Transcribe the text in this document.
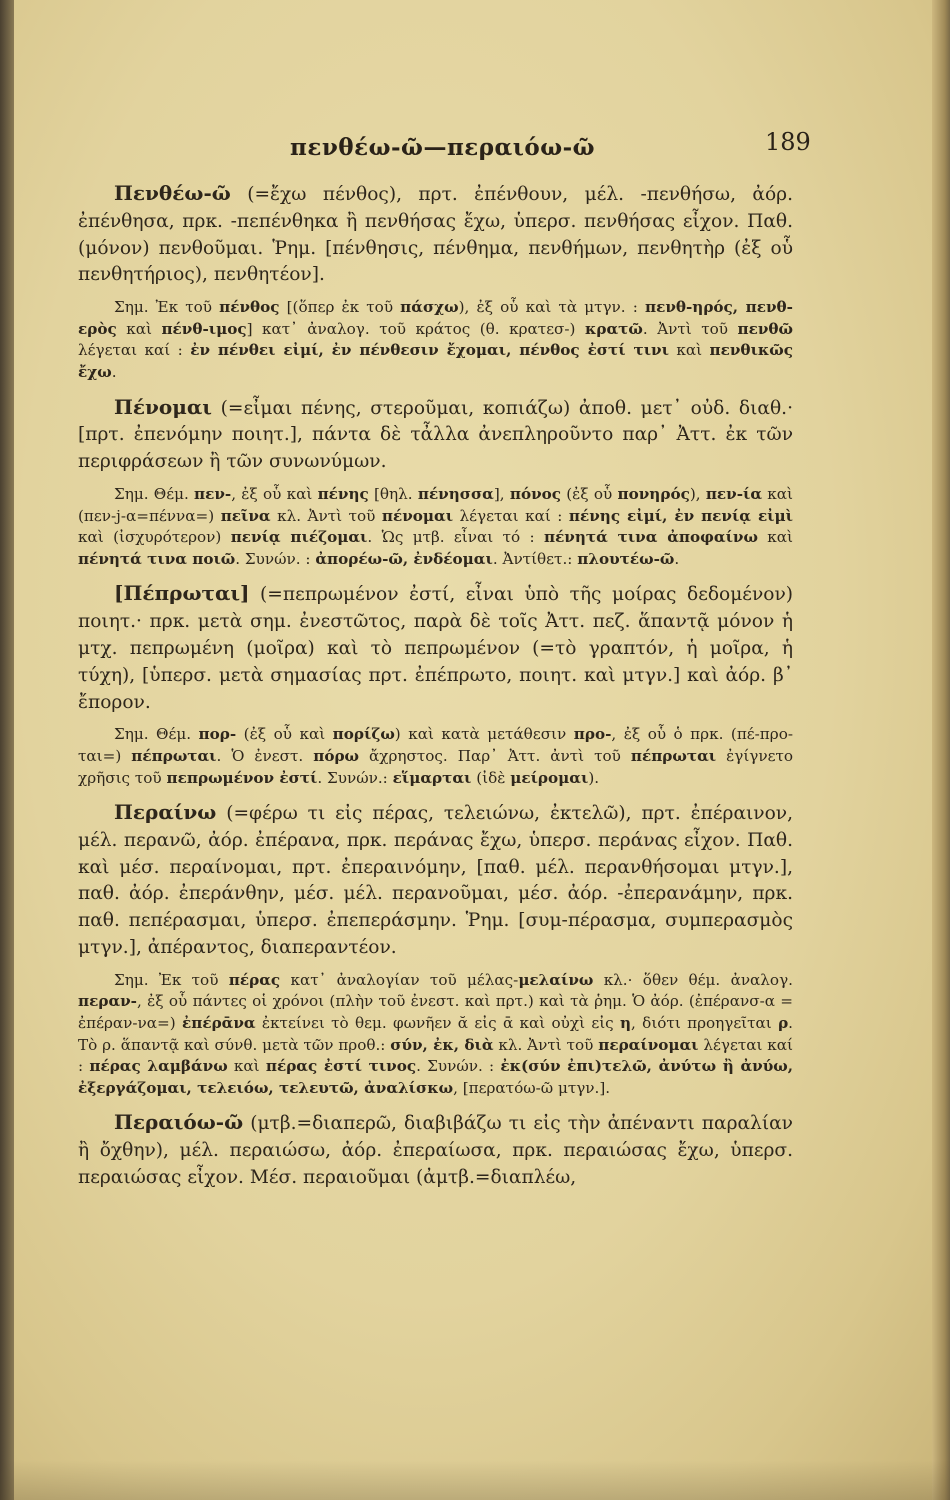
πενθέω-ῶ—περαιόω-ῶ	189

Πενθέω-ῶ (=ἔχω πένθος), πρτ. ἐπένθουν, μέλ. -πενθήσω, ἀόρ. ἐπένθησα, πρκ. -πεπένθηκα ἢ πενθήσας ἔχω, ὑπερσ. πενθήσας εἶχον. Παθ. (μόνον) πενθοῦμαι. Ῥημ. [πένθησις, πένθημα, πενθήμων, πενθητὴρ (ἐξ οὗ πενθητήριος), πενθητέον].

Σημ. Ἐκ τοῦ πένθος [(ὅπερ ἐκ τοῦ πάσχω), ἐξ οὗ καὶ τὰ μτγν. : πενθ-ηρός, πενθ-ερὸς καὶ πένθ-ιμος] κατ᾽ ἀναλογ. τοῦ κράτος (θ. κρατεσ-) κρατῶ. Ἀντὶ τοῦ πενθῶ λέγεται καί : ἐν πένθει εἰμί, ἐν πένθεσιν ἔχομαι, πένθος ἐστί τινι καὶ πενθικῶς ἔχω.

Πένομαι (=εἶμαι πένης, στεροῦμαι, κοπιάζω) ἀποθ. μετ᾽ οὐδ. διαθ.· [πρτ. ἐπενόμην ποιητ.], πάντα δὲ τἆλλα ἀνεπληροῦντο παρ᾽ Ἀττ. ἐκ τῶν περιφράσεων ἢ τῶν συνωνύμων.

Σημ. Θέμ. πεν-, ἐξ οὗ καὶ πένης [θηλ. πένησσα], πόνος (ἐξ οὗ πονηρός), πεν-ία καὶ (πεν-j-α=πέννα=) πεῖνα κλ. Ἀντὶ τοῦ πένομαι λέγεται καί : πένης εἰμί, ἐν πενίᾳ εἰμὶ καὶ (ἰσχυρότερον) πενίᾳ πιέζομαι. Ὡς μτβ. εἶναι τό : πένητά τινα ἀποφαίνω καὶ πένητά τινα ποιῶ. Συνών. : ἀπορέω-ῶ, ἐνδέομαι. Ἀντίθετ.: πλουτέω-ῶ.

[Πέπρωται] (=πεπρωμένον ἐστί, εἶναι ὑπὸ τῆς μοίρας δεδομένον) ποιητ.· πρκ. μετὰ σημ. ἐνεστῶτος, παρὰ δὲ τοῖς Ἀττ. πεζ. ἅπαντᾷ μόνον ἡ μτχ. πεπρωμένη (μοῖρα) καὶ τὸ πεπρωμένον (=τὸ γραπτόν, ἡ μοῖρα, ἡ τύχη), [ὑπερσ. μετὰ σημασίας πρτ. ἐπέπρωτο, ποιητ. καὶ μτγν.] καὶ ἀόρ. β᾽ ἔπορον.

Σημ. Θέμ. πορ- (ἐξ οὗ καὶ πορίζω) καὶ κατὰ μετάθεσιν προ-, ἐξ οὗ ὁ πρκ. (πέ-προ-ται=) πέπρωται. Ὁ ἐνεστ. πόρω ἄχρηστος. Παρ᾽ Ἀττ. ἀντὶ τοῦ πέπρωται ἐγίγνετο χρῆσις τοῦ πεπρωμένον ἐστί. Συνών.: εἵμαρται (ἰδὲ μείρομαι).

Περαίνω (=φέρω τι εἰς πέρας, τελειώνω, ἐκτελῶ), πρτ. ἐπέραινον, μέλ. περανῶ, ἀόρ. ἐπέρανα, πρκ. περάνας ἔχω, ὑπερσ. περάνας εἶχον. Παθ. καὶ μέσ. περαίνομαι, πρτ. ἐπεραινόμην, [παθ. μέλ. περανθήσομαι μτγν.], παθ. ἀόρ. ἐπεράνθην, μέσ. μέλ. περανοῦμαι, μέσ. ἀόρ. -ἐπερανάμην, πρκ. παθ. πεπέρασμαι, ὑπερσ. ἐπεπεράσμην. Ῥημ. [συμ-πέρασμα, συμπερασμὸς μτγν.], ἀπέραντος, διαπεραντέον.

Σημ. Ἐκ τοῦ πέρας κατ᾽ ἀναλογίαν τοῦ μέλας-μελαίνω κλ.· ὅθεν θέμ. ἀναλογ. περαν-, ἐξ οὗ πάντες οἱ χρόνοι (πλὴν τοῦ ἐνεστ. καὶ πρτ.) καὶ τὰ ῥημ. Ὁ ἀόρ. (ἐπέρανσ-α = ἐπέραν-να=) ἐπέρᾱνα ἐκτείνει τὸ θεμ. φωνῆεν ᾰ εἰς ᾱ καὶ οὐχὶ εἰς η, διότι προηγεῖται ρ. Τὸ ρ. ἅπαντᾷ καὶ σύνθ. μετὰ τῶν προθ.: σύν, ἐκ, διὰ κλ. Ἀντὶ τοῦ περαίνομαι λέγεται καί : πέρας λαμβάνω καὶ πέρας ἐστί τινος. Συνών. : ἐκ(σύν ἐπι)τελῶ, ἀνύτω ἢ ἀνύω, ἐξεργάζομαι, τελειόω, τελευτῶ, ἀναλίσκω, [περατόω-ῶ μτγν.].

Περαιόω-ῶ (μτβ.=διαπερῶ, διαβιβάζω τι εἰς τὴν ἀπέναντι παραλίαν ἢ ὄχθην), μέλ. περαιώσω, ἀόρ. ἐπεραίωσα, πρκ. περαιώσας ἔχω, ὑπερσ. περαιώσας εἶχον. Μέσ. περαιοῦμαι (ἀμτβ.=διαπλέω,
